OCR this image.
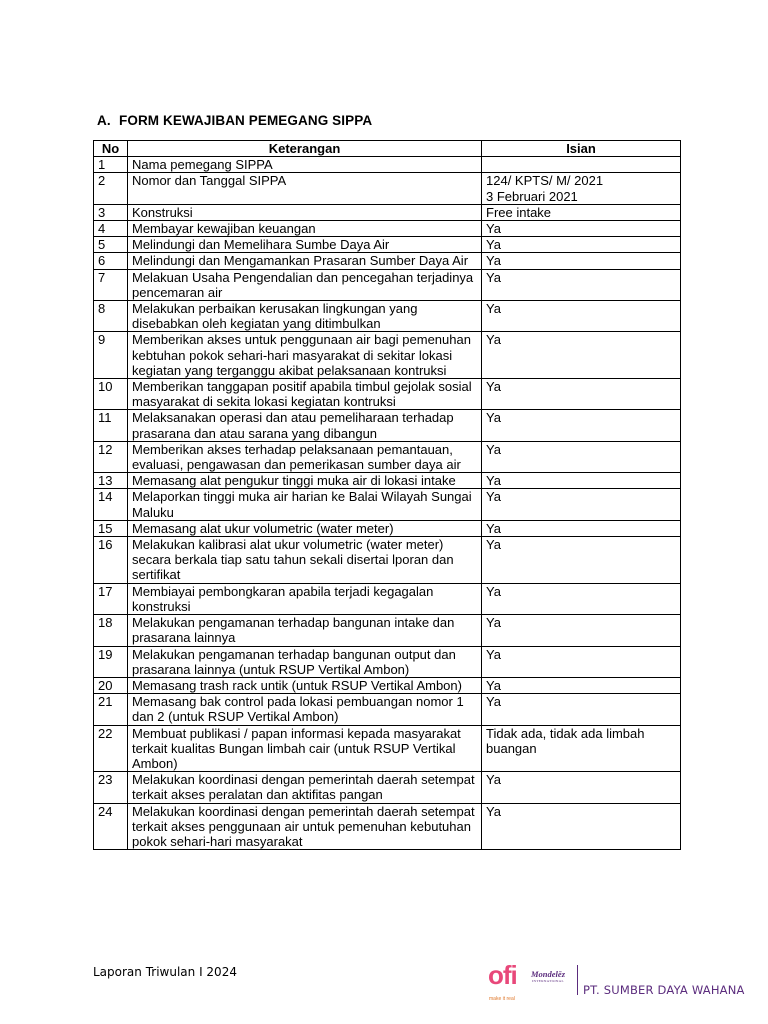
A. FORM KEWAJIBAN PEMEGANG SIPPA
No	Keterangan	Isian
1	Nama pemegang SIPPA	
2	Nomor dan Tanggal SIPPA	124/ KPTS/ M/ 2021
3 Februari 2021
3	Konstruksi	Free intake
4	Membayar kewajiban keuangan	Ya
5	Melindungi dan Memelihara Sumbe Daya Air	Ya
6	Melindungi dan Mengamankan Prasaran Sumber Daya Air	Ya
7	Melakuan Usaha Pengendalian dan pencegahan terjadinya pencemaran air	Ya
8	Melakukan perbaikan kerusakan lingkungan yang disebabkan oleh kegiatan yang ditimbulkan	Ya
9	Memberikan akses untuk penggunaan air bagi pemenuhan kebtuhan pokok sehari-hari masyarakat di sekitar lokasi kegiatan yang terganggu akibat pelaksanaan kontruksi	Ya
10	Memberikan tanggapan positif apabila timbul gejolak sosial masyarakat di sekita lokasi kegiatan kontruksi	Ya
11	Melaksanakan operasi dan atau pemeliharaan terhadap prasarana dan atau sarana yang dibangun	Ya
12	Memberikan akses terhadap pelaksanaan pemantauan, evaluasi, pengawasan dan pemerikasan sumber daya air	Ya
13	Memasang alat pengukur tinggi muka air di lokasi intake	Ya
14	Melaporkan tinggi muka air harian ke Balai Wilayah Sungai Maluku	Ya
15	Memasang alat ukur volumetric (water meter)	Ya
16	Melakukan kalibrasi alat ukur volumetric (water meter) secara berkala tiap satu tahun sekali disertai lporan dan sertifikat	Ya
17	Membiayai pembongkaran apabila terjadi kegagalan konstruksi	Ya
18	Melakukan pengamanan terhadap bangunan intake dan prasarana lainnya	Ya
19	Melakukan pengamanan terhadap bangunan output dan prasarana lainnya (untuk RSUP Vertikal Ambon)	Ya
20	Memasang trash rack untik (untuk RSUP Vertikal Ambon)	Ya
21	Memasang bak control pada lokasi pembuangan nomor 1 dan 2 (untuk RSUP Vertikal Ambon)	Ya
22	Membuat publikasi / papan informasi kepada masyarakat terkait kualitas Bungan limbah cair (untuk RSUP Vertikal Ambon)	Tidak ada, tidak ada limbah buangan
23	Melakukan koordinasi dengan pemerintah daerah setempat terkait akses peralatan dan aktifitas pangan	Ya
24	Melakukan koordinasi dengan pemerintah daerah setempat terkait akses penggunaan air untuk pemenuhan kebutuhan pokok sehari-hari masyarakat	Ya
Laporan Triwulan I 2024	ofi
make it real
Mondelēz
INTERNATIONAL
PT. SUMBER DAYA WAHANA
